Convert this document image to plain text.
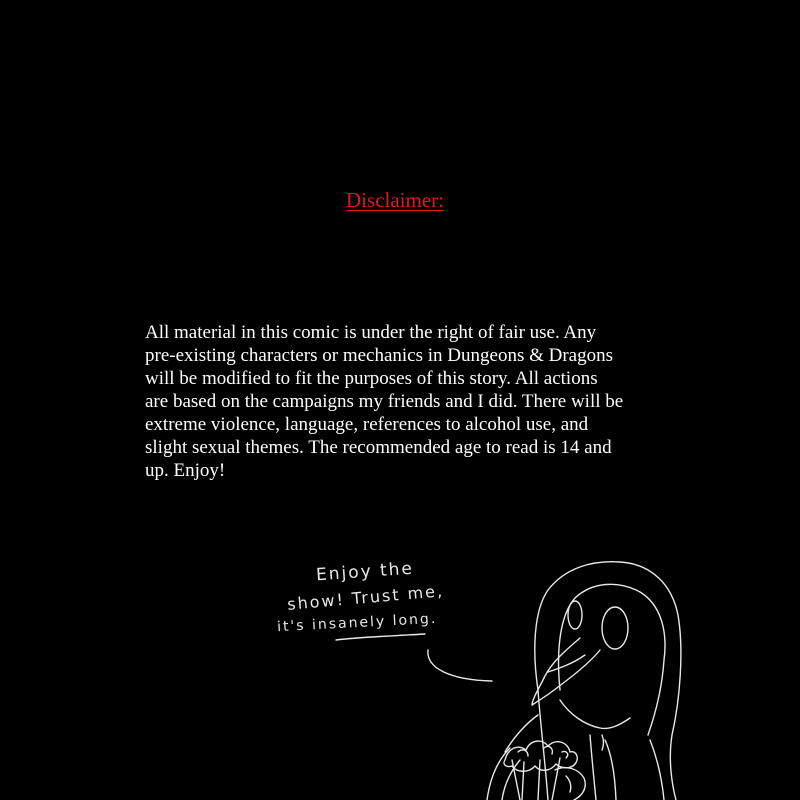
Disclaimer:
All material in this comic is under the right of fair use. Any
pre-existing characters or mechanics in Dungeons & Dragons
will be modified to fit the purposes of this story. All actions
are based on the campaigns my friends and I did. There will be
extreme violence, language, references to alcohol use, and
slight sexual themes. The recommended age to read is 14 and
up. Enjoy!
Enjoy the
show! Trust me,
it's insanely long.
